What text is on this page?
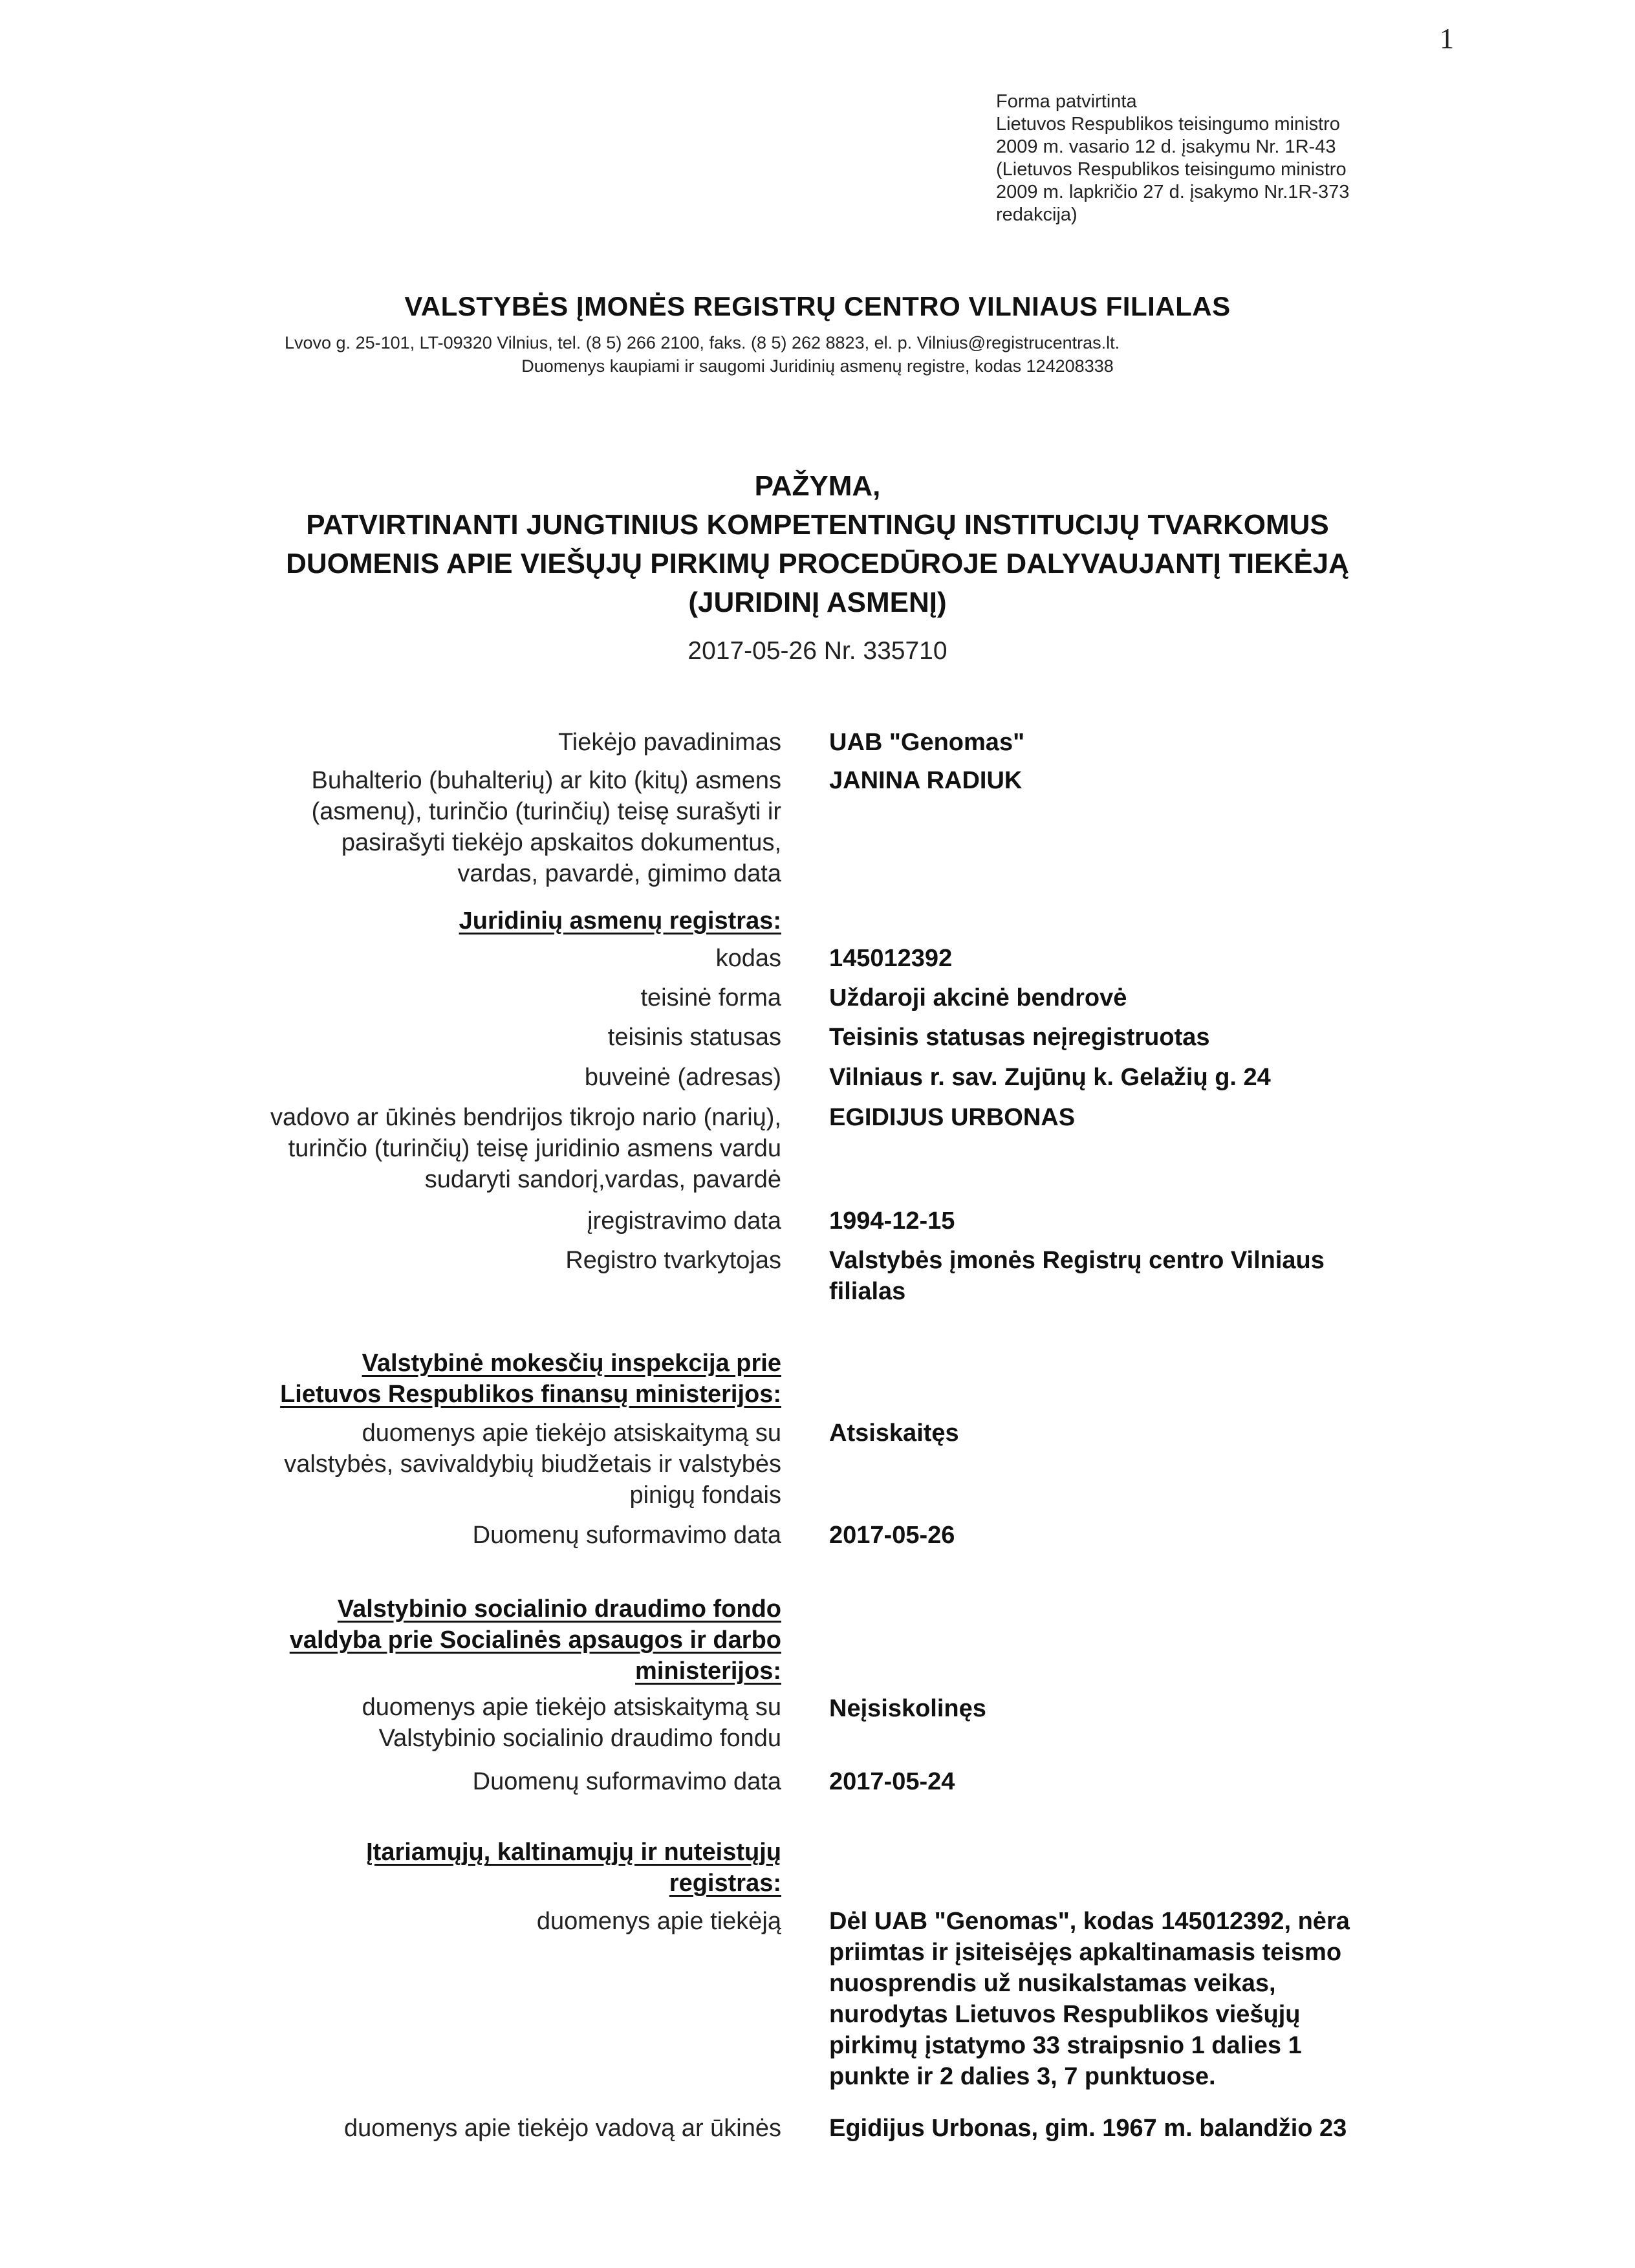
1
Forma patvirtinta
Lietuvos Respublikos teisingumo ministro
2009 m. vasario 12 d. įsakymu Nr. 1R-43
(Lietuvos Respublikos teisingumo ministro
2009 m. lapkričio 27 d. įsakymo Nr.1R-373
redakcija)
VALSTYBĖS ĮMONĖS REGISTRŲ CENTRO VILNIAUS FILIALAS
Lvovo g. 25-101, LT-09320 Vilnius, tel. (8 5) 266 2100, faks. (8 5) 262 8823, el. p. Vilnius@registrucentras.lt.
Duomenys kaupiami ir saugomi Juridinių asmenų registre, kodas 124208338
PAŽYMA,
PATVIRTINANTI JUNGTINIUS KOMPETENTINGŲ INSTITUCIJŲ TVARKOMUS
DUOMENIS APIE VIEŠŲJŲ PIRKIMŲ PROCEDŪROJE DALYVAUJANTĮ TIEKĖJĄ
(JURIDINĮ ASMENĮ)
2017-05-26 Nr. 335710
Tiekėjo pavadinimas UAB "Genomas"
Buhalterio (buhalterių) ar kito (kitų) asmens
(asmenų), turinčio (turinčių) teisę surašyti ir
pasirašyti tiekėjo apskaitos dokumentus,
vardas, pavardė, gimimo data
JANINA RADIUK
Juridinių asmenų registras:
kodas 145012392
teisinė forma Uždaroji akcinė bendrovė
teisinis statusas Teisinis statusas neįregistruotas
buveinė (adresas) Vilniaus r. sav. Zujūnų k. Gelažių g. 24
vadovo ar ūkinės bendrijos tikrojo nario (narių),
turinčio (turinčių) teisę juridinio asmens vardu
sudaryti sandorį,vardas, pavardė
EGIDIJUS URBONAS
įregistravimo data 1994-12-15
Registro tvarkytojas Valstybės įmonės Registrų centro Vilniaus
filialas
Valstybinė mokesčių inspekcija prie
Lietuvos Respublikos finansų ministerijos:
duomenys apie tiekėjo atsiskaitymą su
valstybės, savivaldybių biudžetais ir valstybės
pinigų fondais
Atsiskaitęs
Duomenų suformavimo data 2017-05-26
Valstybinio socialinio draudimo fondo
valdyba prie Socialinės apsaugos ir darbo
ministerijos:
duomenys apie tiekėjo atsiskaitymą su
Valstybinio socialinio draudimo fondu
Neįsiskolinęs
Duomenų suformavimo data 2017-05-24
Įtariamųjų, kaltinamųjų ir nuteistųjų
registras:
duomenys apie tiekėją Dėl UAB "Genomas", kodas 145012392, nėra
priimtas ir įsiteisėjęs apkaltinamasis teismo
nuosprendis už nusikalstamas veikas,
nurodytas Lietuvos Respublikos viešųjų
pirkimų įstatymo 33 straipsnio 1 dalies 1
punkte ir 2 dalies 3, 7 punktuose.
duomenys apie tiekėjo vadovą ar ūkinės Egidijus Urbonas, gim. 1967 m. balandžio 23
